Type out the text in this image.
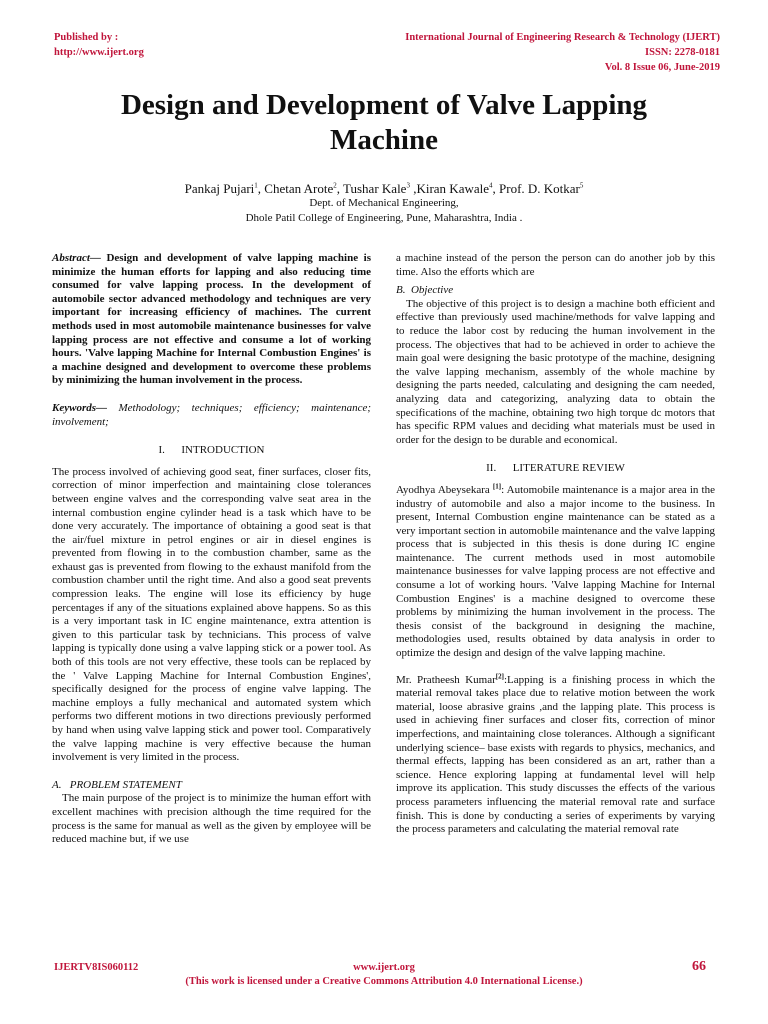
Published by :
http://www.ijert.org
International Journal of Engineering Research & Technology (IJERT)
ISSN: 2278-0181
Vol. 8 Issue 06, June-2019
Design and Development of Valve Lapping
Machine
Pankaj Pujari$^1$, Chetan Arote$^2$, Tushar Kale$^3$ ,Kiran Kawale$^4$, Prof. D. Kotkar$^5$
Dept. of Mechanical Engineering,
Dhole Patil College of Engineering, Pune, Maharashtra, India .

Abstract— Design and development of valve lapping machine is minimize the human efforts for lapping and also reducing time consumed for valve lapping process. In the development of automobile sector advanced methodology and techniques are very important for increasing efficiency of machines. The current methods used in most automobile maintenance businesses for valve lapping process are not effective and consume a lot of working hours. 'Valve lapping Machine for Internal Combustion Engines' is a machine designed and development to overcome these problems by minimizing the human involvement in the process.

Keywords— Methodology; techniques; efficiency; maintenance; involvement;

I.      INTRODUCTION

The process involved of achieving good seat, finer surfaces, closer fits, correction of minor imperfection and maintaining close tolerances between engine valves and the corresponding valve seat area in the internal combustion engine cylinder head is a task which have to be done very accurately. The importance of obtaining a good seat is that the air/fuel mixture in petrol engines or air in diesel engines is prevented from flowing in to the combustion chamber, same as the exhaust gas is prevented from flowing to the exhaust manifold from the combustion chamber until the right time. And also a good seat prevents compression leaks. The engine will lose its efficiency by huge percentages if any of the situations explained above happens. So as this is a very important task in IC engine maintenance, extra attention is given to this particular task by technicians. This process of valve lapping is typically done using a valve lapping stick or a power tool. As both of this tools are not very effective, these tools can be replaced by the ' Valve Lapping Machine for Internal Combustion Engines', specifically designed for the process of engine valve lapping. The machine employs a fully mechanical and automated system which performs two different motions in two directions previously performed by hand when using valve lapping stick and power tool. Comparatively the valve lapping machine is very effective because the human involvement is very limited in the process.

A.   PROBLEM STATEMENT

The main purpose of the project is to minimize the human effort with excellent machines with precision although the time required for the process is the same for manual as well as the given by employee will be reduced machine but, if we use

a machine instead of the person the person can do another job by this time. Also the efforts which are

B.  Objective

The objective of this project is to design a machine both efficient and effective than previously used machine/methods for valve lapping and to reduce the labor cost by reducing the human involvement in the process. The objectives that had to be achieved in order to achieve the main goal were designing the basic prototype of the machine, designing the valve lapping mechanism, assembly of the whole machine by designing the parts needed, calculating and designing the cam needed, analyzing data and categorizing, analyzing data to obtain the specifications of the machine, obtaining two high torque dc motors that has specific RPM values and deciding what materials must be used in order for the design to be durable and economical.

II.      LITERATURE REVIEW

Ayodhya Abeysekara [1]: Automobile maintenance is a major area in the industry of automobile and also a major income to the business. In present, Internal Combustion engine maintenance can be stated as a very important section in automobile maintenance and the valve lapping process that is subjected in this thesis is done during IC engine maintenance. The current methods used in most automobile maintenance businesses for valve lapping process are not effective and consume a lot of working hours. 'Valve lapping Machine for Internal Combustion Engines' is a machine designed to overcome these problems by minimizing the human involvement in the process. The thesis consist of the background in designing the machine, methodologies used, results obtained by data analysis in order to optimize the design and design of the valve lapping machine.

Mr. Pratheesh Kumar[2]:Lapping is a finishing process in which the material removal takes place due to relative motion between the work material, loose abrasive grains ,and the lapping plate. This process is used in achieving finer surfaces and closer fits, correction of minor imperfections, and maintaining close tolerances. Although a significant underlying science– base exists with regards to physics, mechanics, and thermal effects, lapping has been considered as an art, rather than a science. Hence exploring lapping at fundamental level will help improve its application. This study discusses the effects of the various process parameters influencing the material removal rate and surface finish. This is done by conducting a series of experiments by varying the process parameters and calculating the material removal rate

IJERTV8IS060112	www.ijert.org	66
(This work is licensed under a Creative Commons Attribution 4.0 International License.)
